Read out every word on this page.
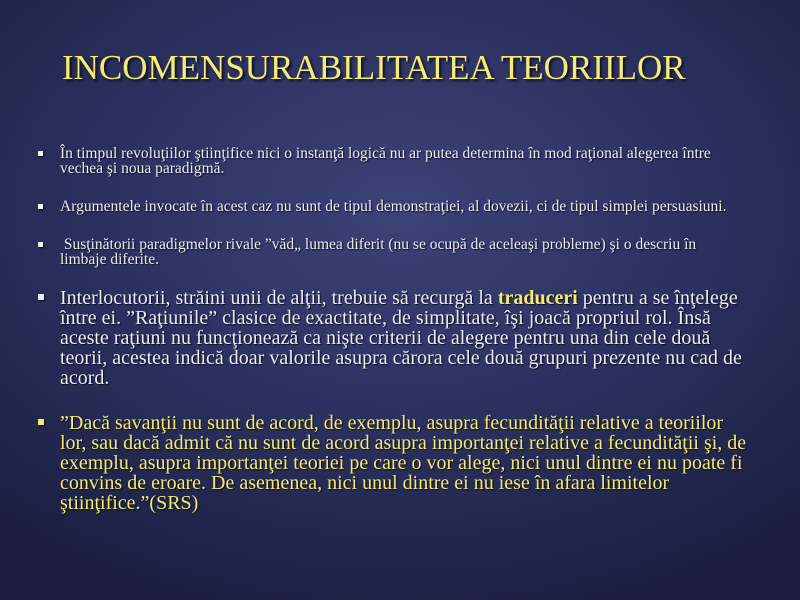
INCOMENSURABILITATEA TEORIILOR
În timpul revoluţiilor ştiinţifice nici o instanţă logică nu ar putea determina în mod raţional alegerea între
vechea şi noua paradigmă.
Argumentele invocate în acest caz nu sunt de tipul demonstraţiei, al dovezii, ci de tipul simplei persuasiuni.
Susţinătorii paradigmelor rivale ”văd„ lumea diferit (nu se ocupă de aceleaşi probleme) şi o descriu în
limbaje diferite.
Interlocutorii, străini unii de alţii, trebuie să recurgă la traduceri pentru a se înţelege
între ei. ”Raţiunile” clasice de exactitate, de simplitate, îşi joacă propriul rol. Însă
aceste raţiuni nu funcţionează ca nişte criterii de alegere pentru una din cele două
teorii, acestea indică doar valorile asupra cărora cele două grupuri prezente nu cad de
acord.
”Dacă savanţii nu sunt de acord, de exemplu, asupra fecundităţii relative a teoriilor
lor, sau dacă admit că nu sunt de acord asupra importanţei relative a fecundităţii şi, de
exemplu, asupra importanţei teoriei pe care o vor alege, nici unul dintre ei nu poate fi
convins de eroare. De asemenea, nici unul dintre ei nu iese în afara limitelor
ştiinţifice.”(SRS)
